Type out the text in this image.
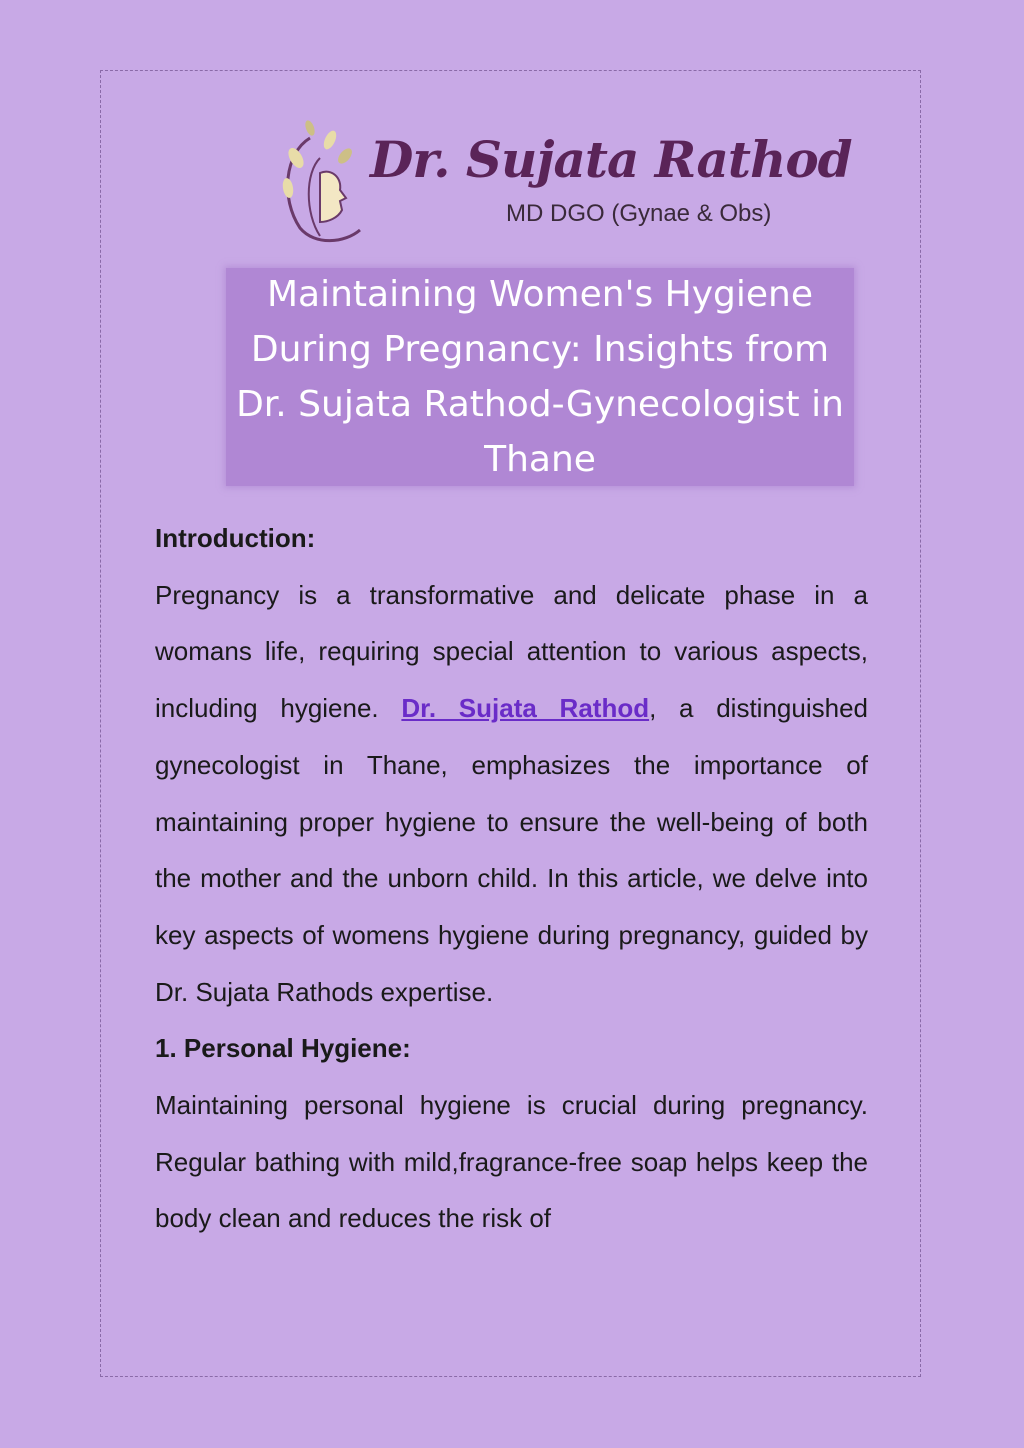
Dr. Sujata Rathod
MD DGO (Gynae & Obs)
Maintaining Women's Hygiene During Pregnancy: Insights from Dr. Sujata Rathod-Gynecologist in Thane
Introduction:

Pregnancy is a transformative and delicate phase in a womans life, requiring special attention to various aspects, including hygiene. Dr. Sujata Rathod, a distinguished gynecologist in Thane, emphasizes the importance of maintaining proper hygiene to ensure the well-being of both the mother and the unborn child. In this article, we delve into key aspects of womens hygiene during pregnancy, guided by Dr. Sujata Rathods expertise.

1. Personal Hygiene:

Maintaining personal hygiene is crucial during pregnancy. Regular bathing with mild,fragrance-free soap helps keep the body clean and reduces the risk of
